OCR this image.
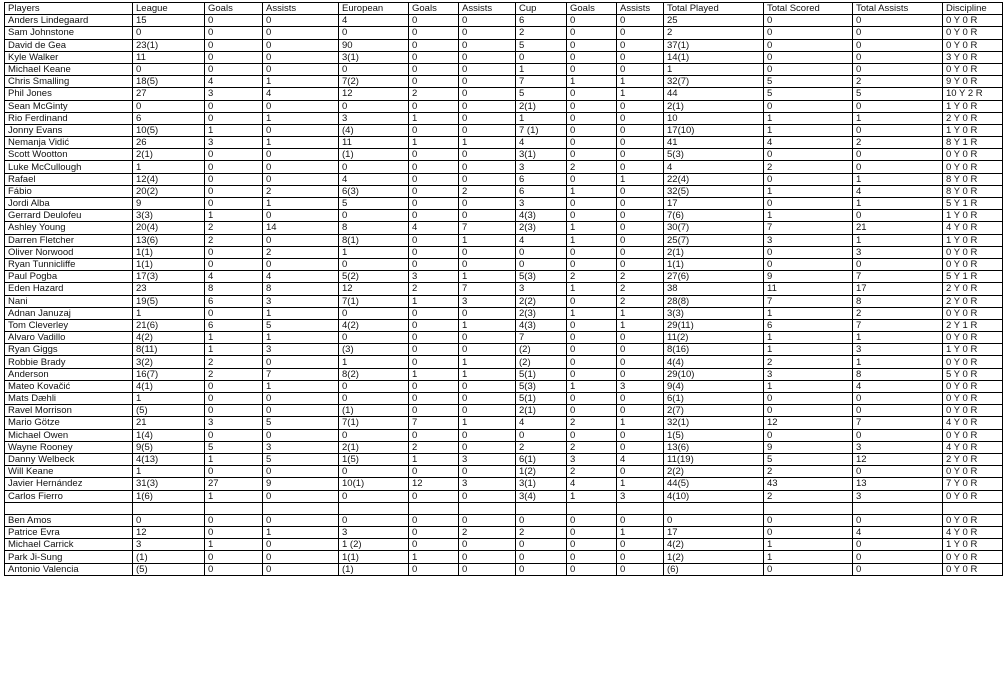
Players	League	Goals	Assists	European	Goals	Assists	Cup	Goals	Assists	Total Played	Total Scored	Total Assists	Discipline
Anders Lindegaard	15	0	0	4	0	0	6	0	0	25	0	0	0 Y 0 R
Sam Johnstone	0	0	0	0	0	0	2	0	0	2	0	0	0 Y 0 R
David de Gea	23(1)	0	0	90	0	0	5	0	0	37(1)	0	0	0 Y 0 R
Kyle Walker	11	0	0	3(1)	0	0	0	0	0	14(1)	0	0	3 Y 0 R
Michael Keane	0	0	0	0	0	0	1	0	0	1	0	0	0 Y 0 R
Chris Smalling	18(5)	4	1	7(2)	0	0	7	1	1	32(7)	5	2	9 Y 0 R
Phil Jones	27	3	4	12	2	0	5	0	1	44	5	5	10 Y 2 R
Sean McGinty	0	0	0	0	0	0	2(1)	0	0	2(1)	0	0	1 Y 0 R
Rio Ferdinand	6	0	1	3	1	0	1	0	0	10	1	1	2 Y 0 R
Jonny Evans	10(5)	1	0	(4)	0	0	7 (1)	0	0	17(10)	1	0	1 Y 0 R
Nemanja Vidić	26	3	1	11	1	1	4	0	0	41	4	2	8 Y 1 R
Scott Wootton	2(1)	0	0	(1)	0	0	3(1)	0	0	5(3)	0	0	0 Y 0 R
Luke McCullough	1	0	0	0	0	0	3	2	0	4	2	0	0 Y 0 R
Rafael	12(4)	0	0	4	0	0	6	0	1	22(4)	0	1	8 Y 0 R
Fábio	20(2)	0	2	6(3)	0	2	6	1	0	32(5)	1	4	8 Y 0 R
Jordi Alba	9	0	1	5	0	0	3	0	0	17	0	1	5 Y 1 R
Gerrard Deulofeu	3(3)	1	0	0	0	0	4(3)	0	0	7(6)	1	0	1 Y 0 R
Ashley Young	20(4)	2	14	8	4	7	2(3)	1	0	30(7)	7	21	4 Y 0 R
Darren Fletcher	13(6)	2	0	8(1)	0	1	4	1	0	25(7)	3	1	1 Y 0 R
Oliver Norwood	1(1)	0	2	1	0	0	0	0	0	2(1)	0	3	0 Y 0 R
Ryan Tunnicliffe	1(1)	0	0	0	0	0	0	0	0	1(1)	0	0	0 Y 0 R
Paul Pogba	17(3)	4	4	5(2)	3	1	5(3)	2	2	27(6)	9	7	5 Y 1 R
Eden Hazard	23	8	8	12	2	7	3	1	2	38	11	17	2 Y 0 R
Nani	19(5)	6	3	7(1)	1	3	2(2)	0	2	28(8)	7	8	2 Y 0 R
Adnan Januzaj	1	0	1	0	0	0	2(3)	1	1	3(3)	1	2	0 Y 0 R
Tom Cleverley	21(6)	6	5	4(2)	0	1	4(3)	0	1	29(11)	6	7	2 Y 1 R
Alvaro Vadillo	4(2)	1	1	0	0	0	7	0	0	11(2)	1	1	0 Y 0 R
Ryan Giggs	8(11)	1	3	(3)	0	0	(2)	0	0	8(16)	1	3	1 Y 0 R
Robbie Brady	3(2)	2	0	1	0	1	(2)	0	0	4(4)	2	1	0 Y 0 R
Anderson	16(7)	2	7	8(2)	1	1	5(1)	0	0	29(10)	3	8	5 Y 0 R
Mateo Kovačić	4(1)	0	1	0	0	0	5(3)	1	3	9(4)	1	4	0 Y 0 R
Mats Dæhli	1	0	0	0	0	0	5(1)	0	0	6(1)	0	0	0 Y 0 R
Ravel Morrison	(5)	0	0	(1)	0	0	2(1)	0	0	2(7)	0	0	0 Y 0 R
Mario Götze	21	3	5	7(1)	7	1	4	2	1	32(1)	12	7	4 Y 0 R
Michael Owen	1(4)	0	0	0	0	0	0	0	0	1(5)	0	0	0 Y 0 R
Wayne Rooney	9(5)	5	3	2(1)	2	0	2	2	0	13(6)	9	3	4 Y 0 R
Danny Welbeck	4(13)	1	5	1(5)	1	3	6(1)	3	4	11(19)	5	12	2 Y 0 R
Will Keane	1	0	0	0	0	0	1(2)	2	0	2(2)	2	0	0 Y 0 R
Javier Hernández	31(3)	27	9	10(1)	12	3	3(1)	4	1	44(5)	43	13	7 Y 0 R
Carlos Fierro	1(6)	1	0	0	0	0	3(4)	1	3	4(10)	2	3	0 Y 0 R

Ben Amos	0	0	0	0	0	0	0	0	0	0	0	0	0 Y 0 R
Patrice Evra	12	0	1	3	0	2	2	0	1	17	0	4	4 Y 0 R
Michael Carrick	3	1	0	1 (2)	0	0	0	0	0	4(2)	1	0	1 Y 0 R
Park Ji-Sung	(1)	0	0	1(1)	1	0	0	0	0	1(2)	1	0	0 Y 0 R
Antonio Valencia	(5)	0	0	(1)	0	0	0	0	0	(6)	0	0	0 Y 0 R
